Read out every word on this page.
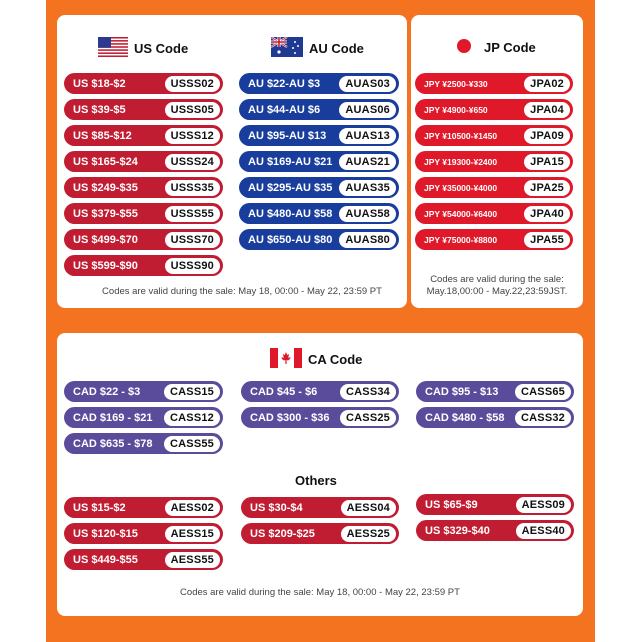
US Code	AU Code	JP Code
US $18-$2	USSS02
US $39-$5	USSS05
US $85-$12	USSS12
US $165-$24	USSS24
US $249-$35	USSS35
US $379-$55	USSS55
US $499-$70	USSS70
US $599-$90	USSS90
AU $22-AU $3	AUAS03
AU $44-AU $6	AUAS06
AU $95-AU $13	AUAS13
AU $169-AU $21	AUAS21
AU $295-AU $35	AUAS35
AU $480-AU $58	AUAS58
AU $650-AU $80	AUAS80
Codes are valid during the sale: May 18, 00:00 - May 22, 23:59 PT
JPY ¥2500-¥330	JPA02
JPY ¥4900-¥650	JPA04
JPY ¥10500-¥1450	JPA09
JPY ¥19300-¥2400	JPA15
JPY ¥35000-¥4000	JPA25
JPY ¥54000-¥6400	JPA40
JPY ¥75000-¥8800	JPA55
Codes are valid during the sale:
May.18,00:00 - May.22,23:59JST.
CA Code
CAD $22 - $3	CASS15	CAD $45 - $6	CASS34	CAD $95 - $13	CASS65
CAD $169 - $21	CASS12	CAD $300 - $36	CASS25	CAD $480 - $58	CASS32
CAD $635 - $78	CASS55
Others
US $15-$2	AESS02	US $30-$4	AESS04	US $65-$9	AESS09
US $120-$15	AESS15	US $209-$25	AESS25	US $329-$40	AESS40
US $449-$55	AESS55
Codes are valid during the sale: May 18, 00:00 - May 22, 23:59 PT
